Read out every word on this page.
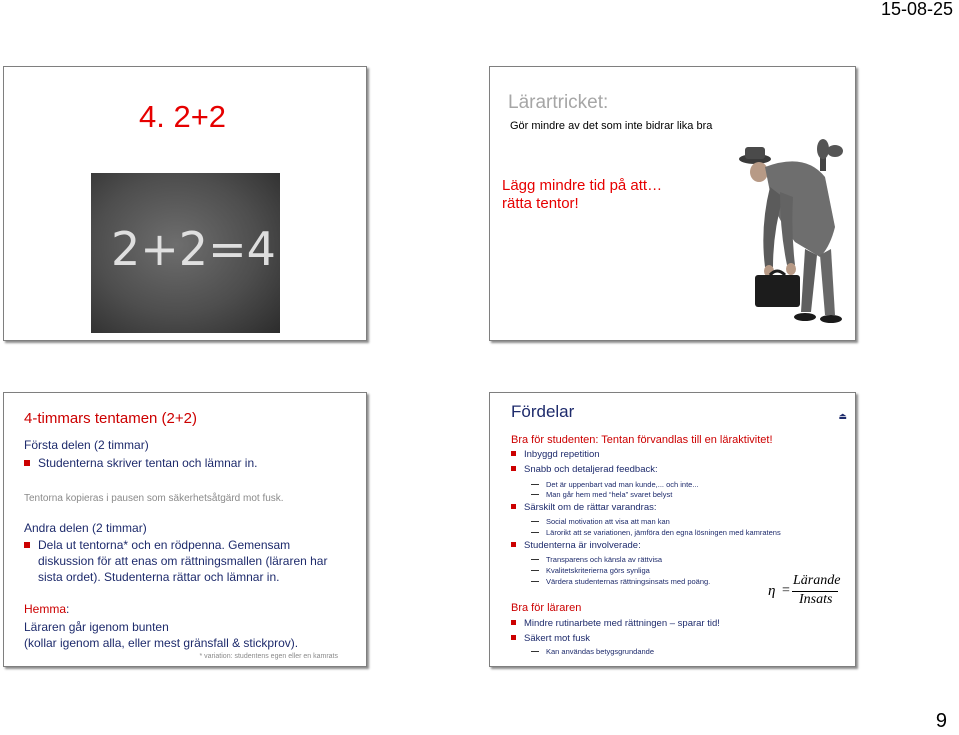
15-08-25
4. 2+2
2+2=4
Lärartricket:
Gör mindre av det som inte bidrar lika bra
Lägg mindre tid på att…
rätta tentor!
4-timmars tentamen (2+2)
Första delen (2 timmar)
Studenterna skriver tentan och lämnar in.
Tentorna kopieras i pausen som säkerhetsåtgärd mot fusk.
Andra delen (2 timmar)
Dela ut tentorna* och en rödpenna. Gemensam
diskussion för att enas om rättningsmallen (läraren har
sista ordet). Studenterna rättar och lämnar in.
Hemma:
Läraren går igenom bunten
(kollar igenom alla, eller mest gränsfall & stickprov).
* variation: studentens egen eller en kamrats
Fördelar	⏏
Bra för studenten: Tentan förvandlas till en läraktivitet!
Inbyggd repetition
Snabb och detaljerad feedback:
Det är uppenbart vad man kunde,... och inte...
Man går hem med “hela” svaret belyst
Särskilt om de rättar varandras:
Social motivation att visa att man kan
Lärorikt att se variationen, jämföra den egna lösningen med kamratens
Studenterna är involverade:
Transparens och känsla av rättvisa
Kvalitetskriterierna görs synliga
Värdera studenternas rättningsinsats med poäng.
Bra för läraren
Mindre rutinarbete med rättningen – sparar tid!
Säkert mot fusk
Kan användas betygsgrundande
η =
Lärande
Insats
9
